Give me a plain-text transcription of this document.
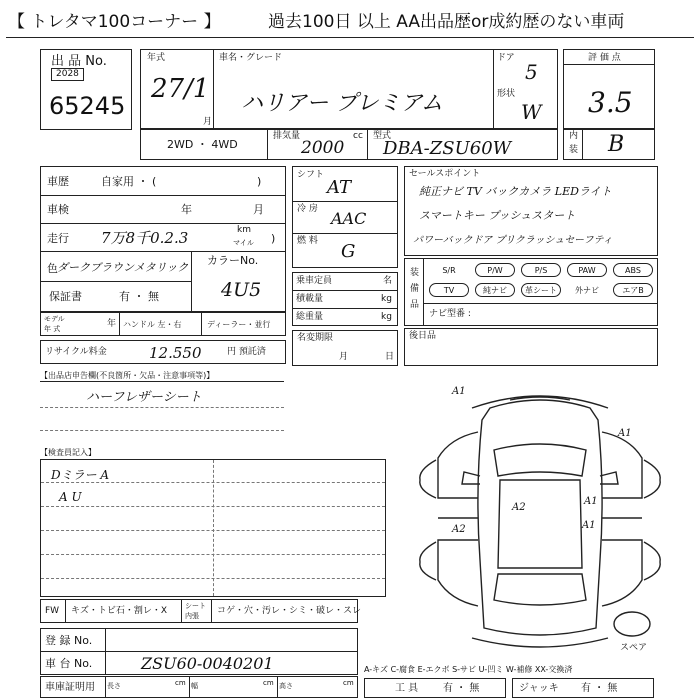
【 トレタマ100コーナー 】	過去100日 以上 AA出品歴or成約歴のない車両
出 品 No.
2028
65245
年式
27/1
月
車名・グレード
ハリアー プレミアム
ドア
5
形状
W
評 価 点
3.5
内
装 B
2WD ・ 4WD
排気量	cc
2000
型式
DBA-ZSU60W
車歴	自家用 ・ (	)
車検	年	月
走行 7万8千0.2.3	km
マイル )
色 ダークブラウンメタリック
カラーNo.
4U5
保証書	有 ・ 無
モデル
年 式	年 ハンドル 左・右	ディーラー・並行
リサイクル料金	12.550	円 預託済
シフト
AT
冷 房 AAC
燃 料 G
乗車定員	名
積載量	kg
総重量	kg
名変期限
月	日
セールスポイント
純正ナビ TV バックカメラ LEDライト
スマートキー プッシュスタート
パワーバックドア プリクラッシュセーフティ
装
備
品
S/R	P/W	P/S	PAW	ABS
TV	純ナビ	革シート	外ナビ	エアB
ナビ型番 :
後日品
【出品店申告欄(不良箇所・欠品・注意事項等)】
ハーフレザーシート
【検査員記入】
Dミラー A
A U
FW キズ・トビ石・割レ・X	シート
内張 コゲ・穴・汚レ・シミ・破レ・スレ
登 録 No.
車 台 No.	ZSU60-0040201
車庫証明用 長さ	cm 幅	cm 高さ	cm
A1
A1
A1
A1
A2
A2
スペア
A-キズ C-腐食 E-エクボ S-サビ U-凹ミ W-補修 XX-交換済
工 具 有 ・ 無	ジャッキ 有 ・ 無
